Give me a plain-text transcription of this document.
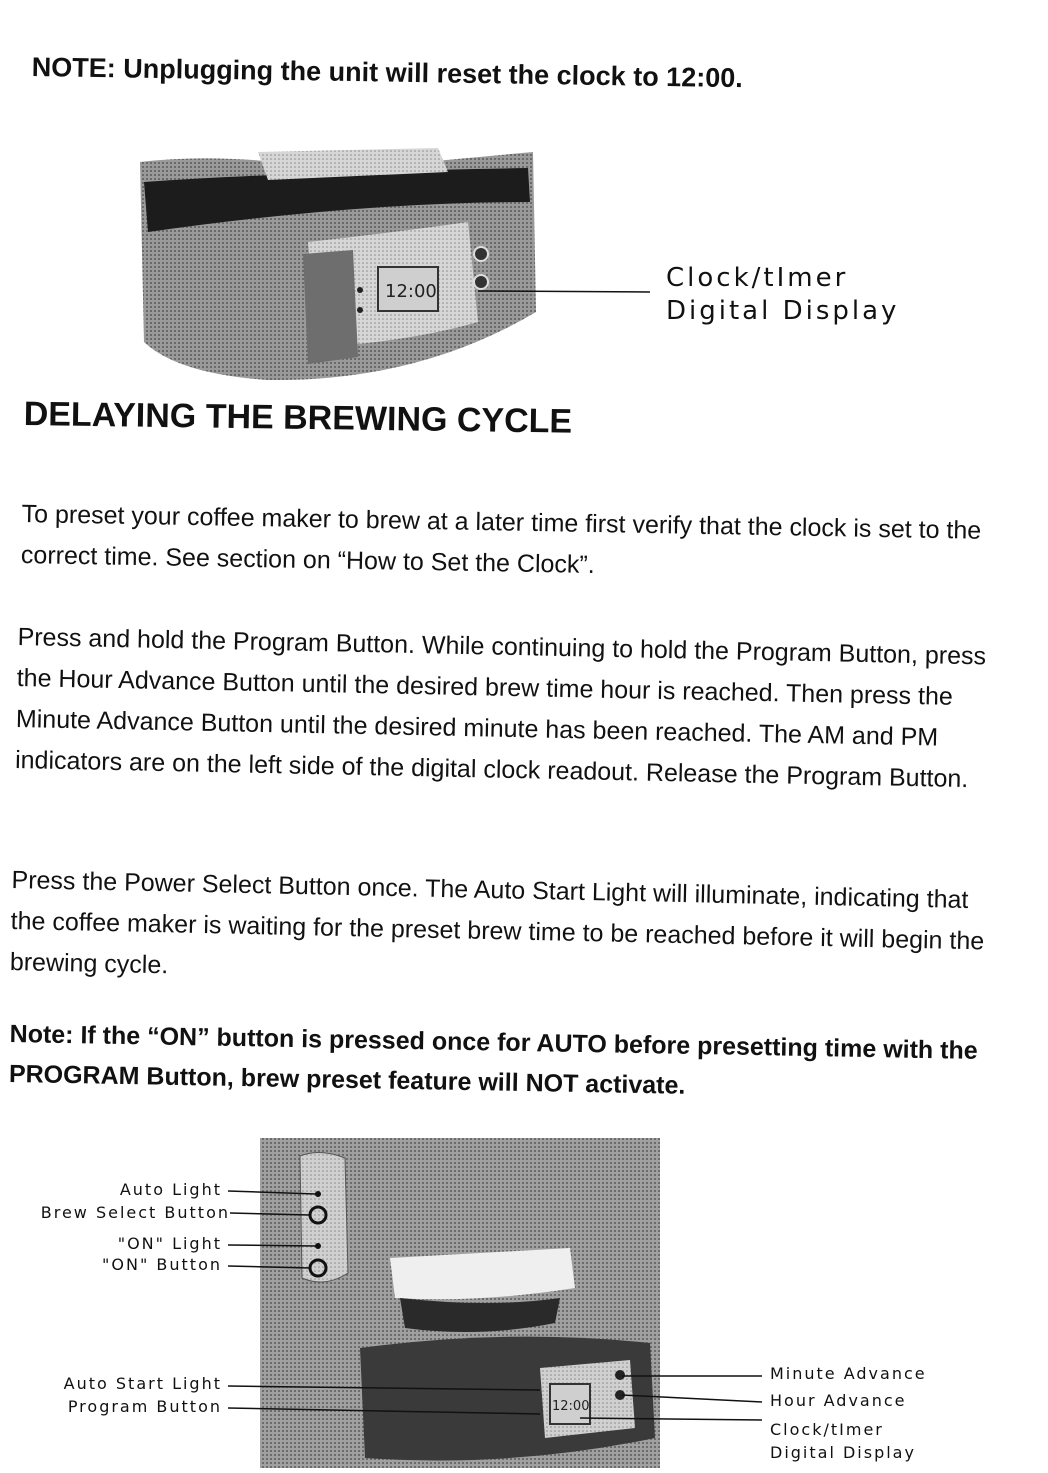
NOTE: Unplugging the unit will reset the clock to 12:00.
12:00	Clock/tImer
Digital Display
DELAYING THE BREWING CYCLE
To preset your coffee maker to brew at a later time first verify that the clock is set to the correct time. See section on “How to Set the Clock”.
Press and hold the Program Button. While continuing to hold the Program Button, press the Hour Advance Button until the desired brew time hour is reached. Then press the Minute Advance Button until the desired minute has been reached. The AM and PM indicators are on the left side of the digital clock readout. Release the Program Button.
Press the Power Select Button once. The Auto Start Light will illuminate, indicating that the coffee maker is waiting for the preset brew time to be reached before it will begin the brewing cycle.
Note: If the “ON” button is pressed once for AUTO before presetting time with the PROGRAM Button, brew preset feature will NOT activate.
12:00
Auto Light
Brew Select Button
"ON" Light
"ON" Button
Auto Start Light
Program Button
Minute Advance
Hour Advance
Clock/tImer
Digital Display
